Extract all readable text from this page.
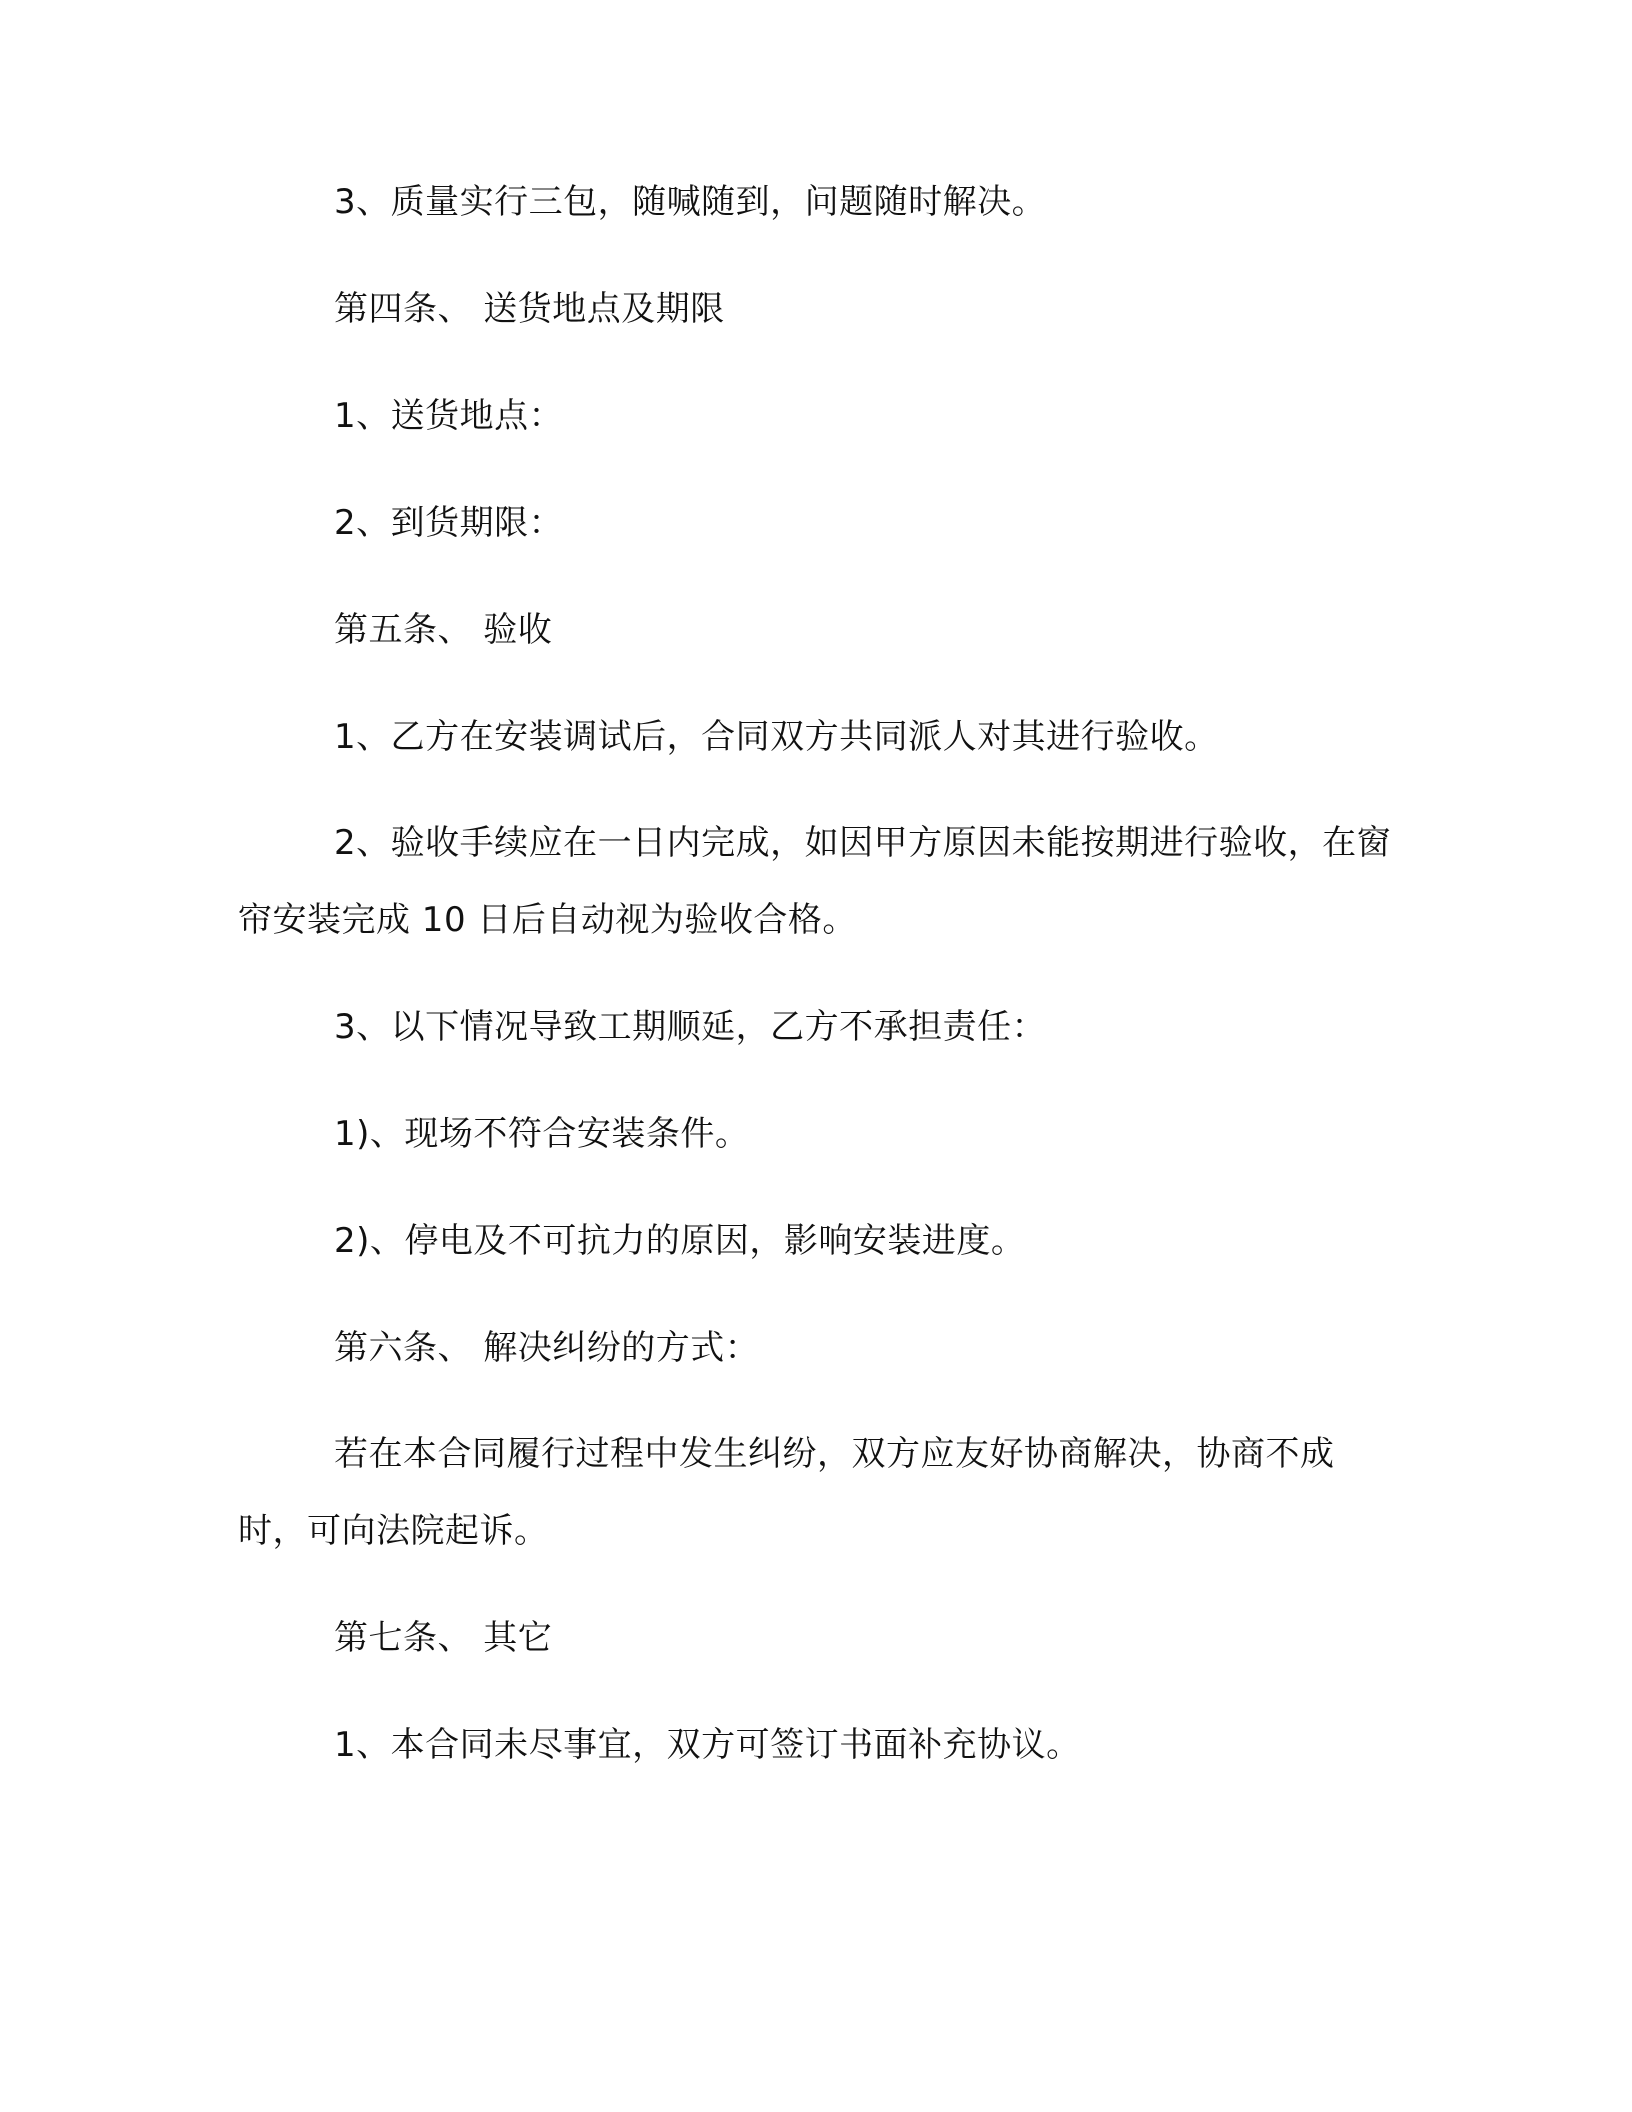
3、质量实行三包，随喊随到，问题随时解决。

第四条、 送货地点及期限

1、送货地点：

2、到货期限：

第五条、 验收

1、乙方在安装调试后，合同双方共同派人对其进行验收。

2、验收手续应在一日内完成，如因甲方原因未能按期进行验收，在窗帘安装完成 10 日后自动视为验收合格。

3、以下情况导致工期顺延，乙方不承担责任：

1)、现场不符合安装条件。

2)、停电及不可抗力的原因，影响安装进度。

第六条、 解决纠纷的方式：

若在本合同履行过程中发生纠纷，双方应友好协商解决，协商不成时，可向法院起诉。

第七条、 其它

1、本合同未尽事宜，双方可签订书面补充协议。
